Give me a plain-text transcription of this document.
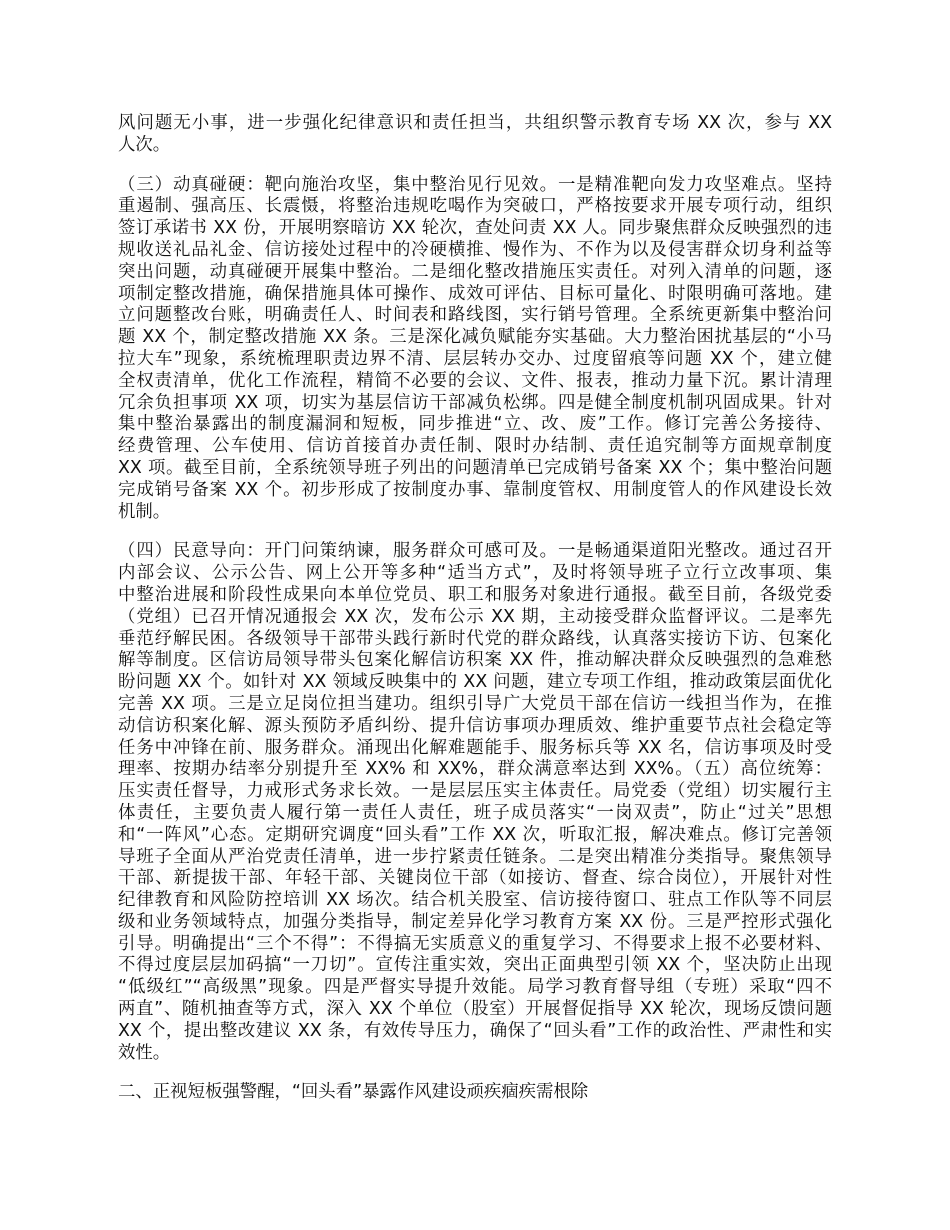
风问题无小事，进一步强化纪律意识和责任担当，共组织警示教育专场 XX 次，参与 XX
人次。
（三）动真碰硬：靶向施治攻坚，集中整治见行见效。一是精准靶向发力攻坚难点。坚持
重遏制、强高压、长震慑，将整治违规吃喝作为突破口，严格按要求开展专项行动，组织
签订承诺书 XX 份，开展明察暗访 XX 轮次，查处问责 XX 人。同步聚焦群众反映强烈的违
规收送礼品礼金、信访接处过程中的冷硬横推、慢作为、不作为以及侵害群众切身利益等
突出问题，动真碰硬开展集中整治。二是细化整改措施压实责任。对列入清单的问题，逐
项制定整改措施，确保措施具体可操作、成效可评估、目标可量化、时限明确可落地。建
立问题整改台账，明确责任人、时间表和路线图，实行销号管理。全系统更新集中整治问
题 XX 个，制定整改措施 XX 条。三是深化减负赋能夯实基础。大力整治困扰基层的“小马
拉大车”现象，系统梳理职责边界不清、层层转办交办、过度留痕等问题 XX 个，建立健
全权责清单，优化工作流程，精简不必要的会议、文件、报表，推动力量下沉。累计清理
冗余负担事项 XX 项，切实为基层信访干部减负松绑。四是健全制度机制巩固成果。针对
集中整治暴露出的制度漏洞和短板，同步推进“立、改、废”工作。修订完善公务接待、
经费管理、公车使用、信访首接首办责任制、限时办结制、责任追究制等方面规章制度
XX 项。截至目前，全系统领导班子列出的问题清单已完成销号备案 XX 个；集中整治问题
完成销号备案 XX 个。初步形成了按制度办事、靠制度管权、用制度管人的作风建设长效
机制。
（四）民意导向：开门问策纳谏，服务群众可感可及。一是畅通渠道阳光整改。通过召开
内部会议、公示公告、网上公开等多种“适当方式”，及时将领导班子立行立改事项、集
中整治进展和阶段性成果向本单位党员、职工和服务对象进行通报。截至目前，各级党委
（党组）已召开情况通报会 XX 次，发布公示 XX 期，主动接受群众监督评议。二是率先
垂范纾解民困。各级领导干部带头践行新时代党的群众路线，认真落实接访下访、包案化
解等制度。区信访局领导带头包案化解信访积案 XX 件，推动解决群众反映强烈的急难愁
盼问题 XX 个。如针对 XX 领域反映集中的 XX 问题，建立专项工作组，推动政策层面优化
完善 XX 项。三是立足岗位担当建功。组织引导广大党员干部在信访一线担当作为，在推
动信访积案化解、源头预防矛盾纠纷、提升信访事项办理质效、维护重要节点社会稳定等
任务中冲锋在前、服务群众。涌现出化解难题能手、服务标兵等 XX 名，信访事项及时受
理率、按期办结率分别提升至 XX% 和 XX%，群众满意率达到 XX%。（五）高位统筹：
压实责任督导，力戒形式务求长效。一是层层压实主体责任。局党委（党组）切实履行主
体责任，主要负责人履行第一责任人责任，班子成员落实“一岗双责”，防止“过关”思想
和“一阵风”心态。定期研究调度“回头看”工作 XX 次，听取汇报，解决难点。修订完善领
导班子全面从严治党责任清单，进一步拧紧责任链条。二是突出精准分类指导。聚焦领导
干部、新提拔干部、年轻干部、关键岗位干部（如接访、督查、综合岗位），开展针对性
纪律教育和风险防控培训 XX 场次。结合机关股室、信访接待窗口、驻点工作队等不同层
级和业务领域特点，加强分类指导，制定差异化学习教育方案 XX 份。三是严控形式强化
引导。明确提出“三个不得”：不得搞无实质意义的重复学习、不得要求上报不必要材料、
不得过度层层加码搞“一刀切”。宣传注重实效，突出正面典型引领 XX 个，坚决防止出现
“低级红”“高级黑”现象。四是严督实导提升效能。局学习教育督导组（专班）采取“四不
两直”、随机抽查等方式，深入 XX 个单位（股室）开展督促指导 XX 轮次，现场反馈问题
XX 个，提出整改建议 XX 条，有效传导压力，确保了“回头看”工作的政治性、严肃性和实
效性。
二、正视短板强警醒，“回头看”暴露作风建设顽疾痼疾需根除
